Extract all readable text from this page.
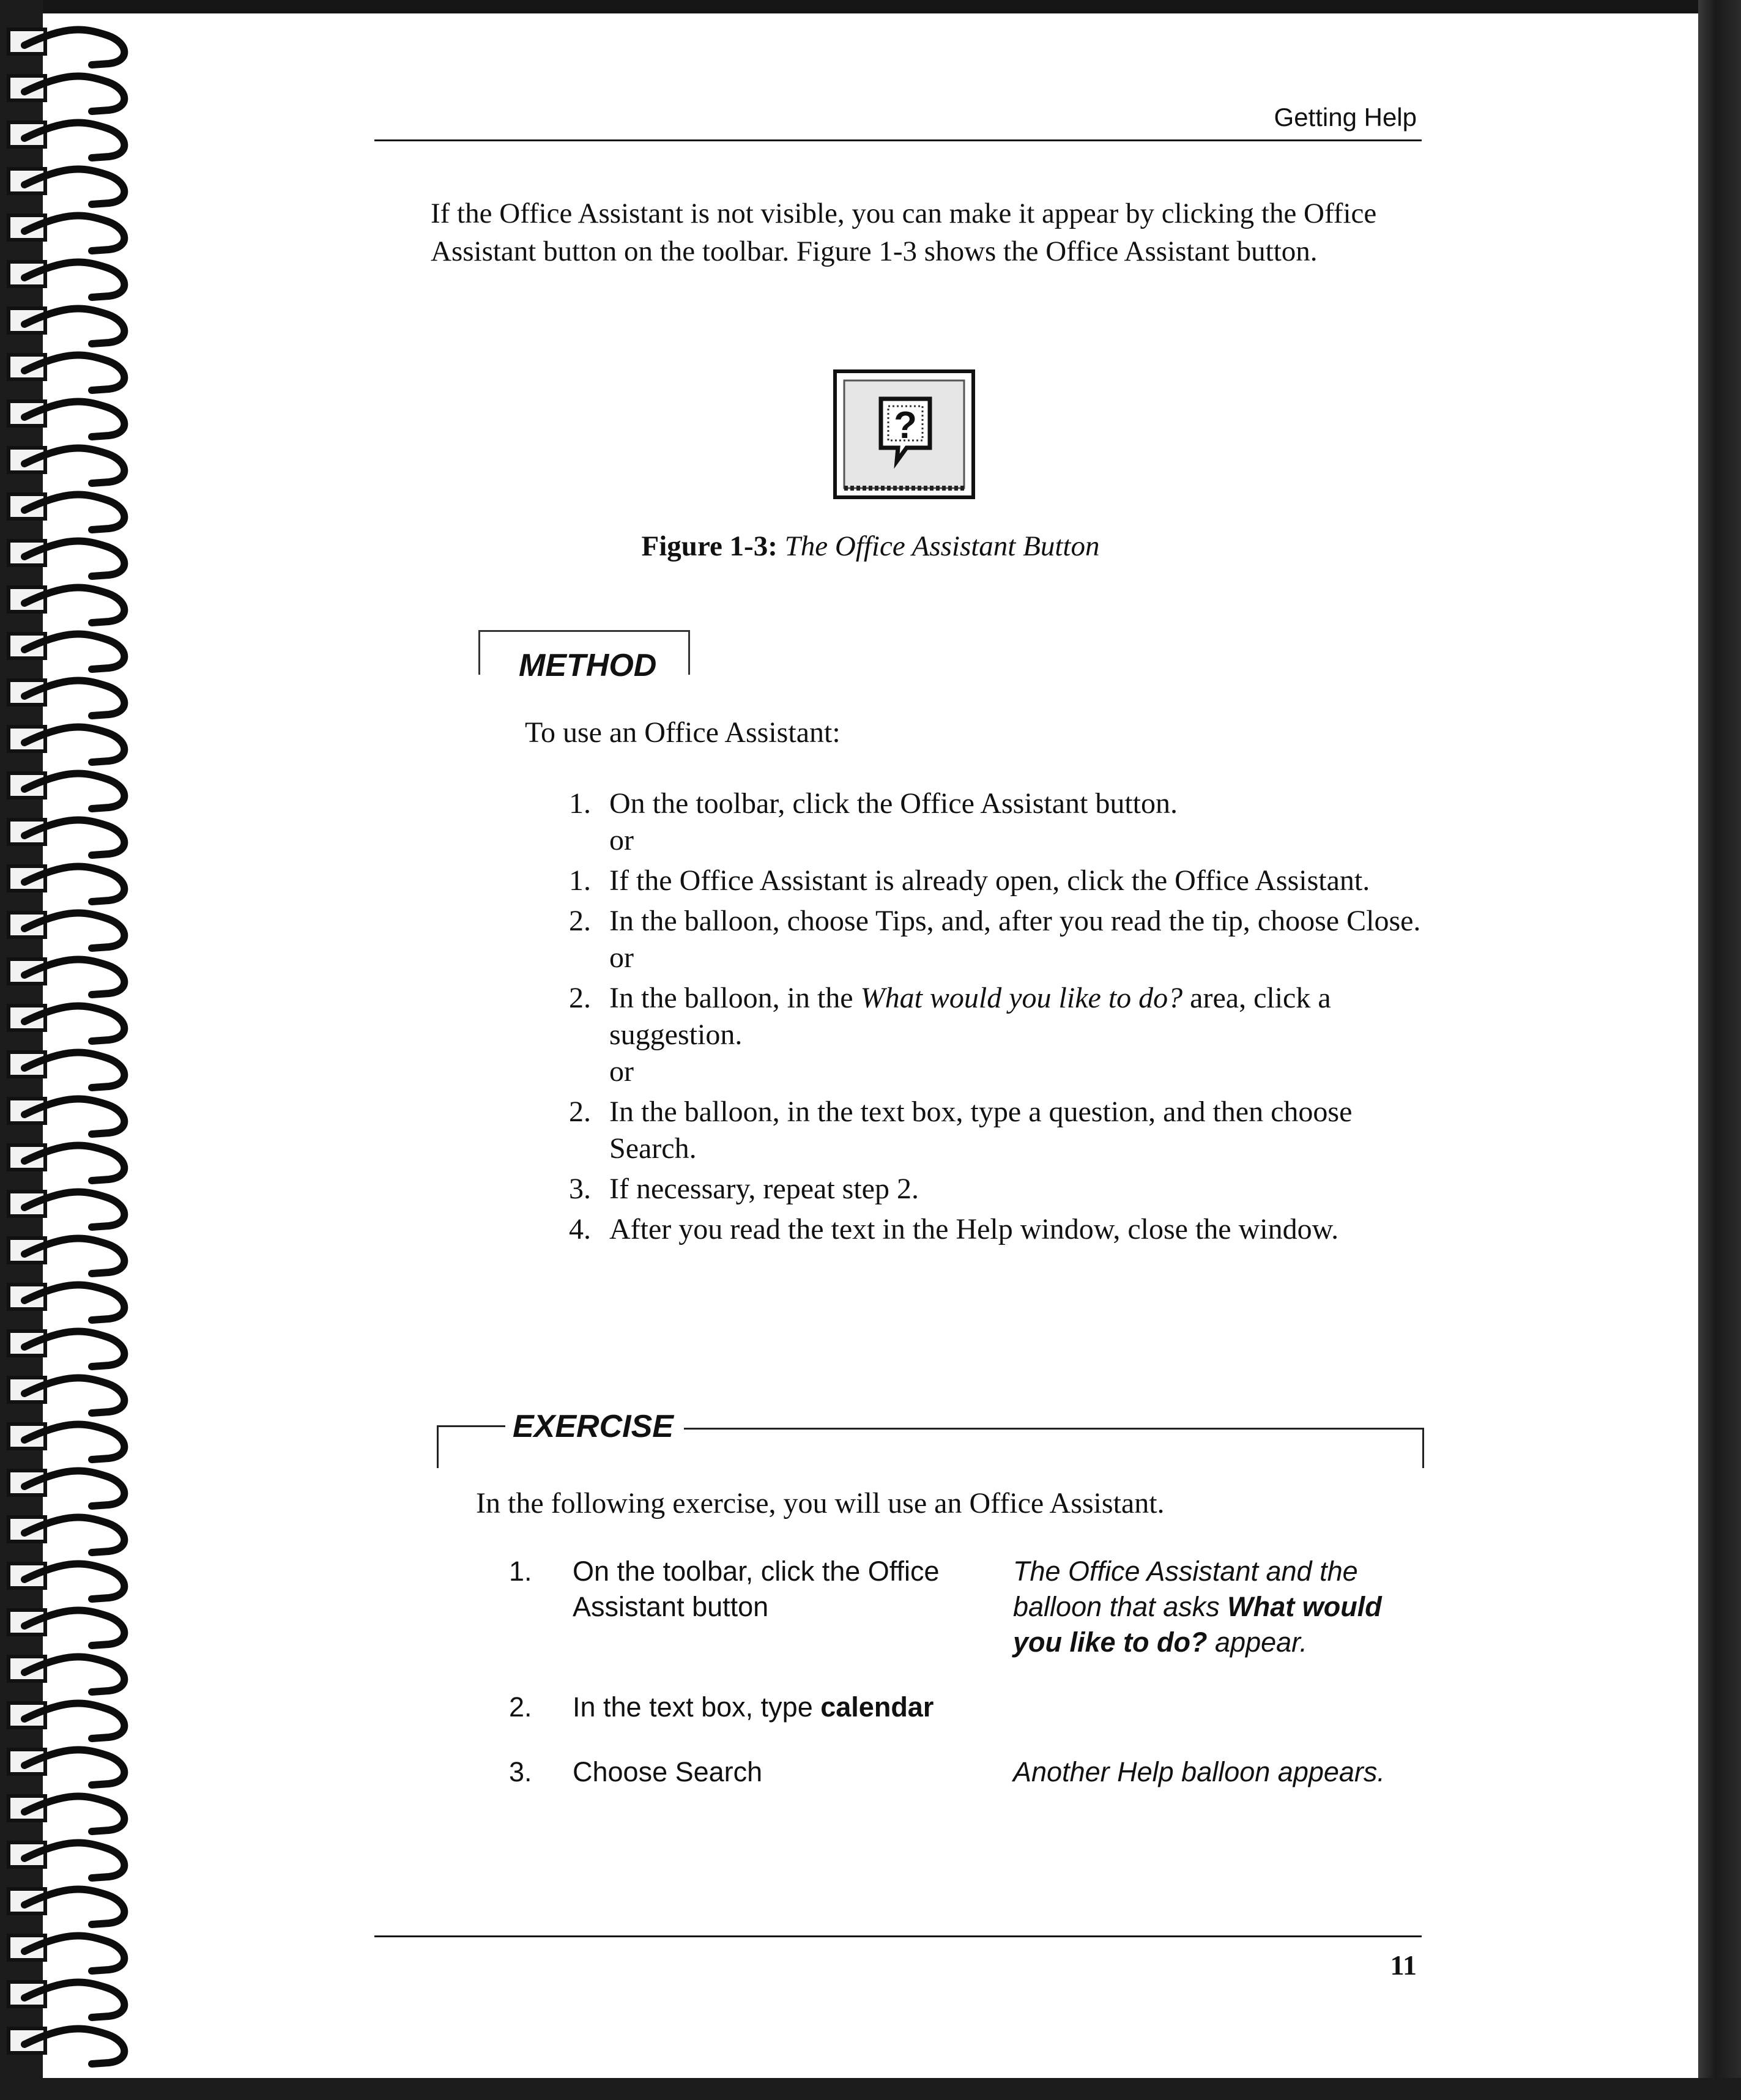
Getting Help

If the Office Assistant is not visible, you can make it appear by clicking the Office Assistant button on the toolbar. Figure 1-3 shows the Office Assistant button.

?
Figure 1-3: The Office Assistant Button
METHOD

To use an Office Assistant:

1. On the toolbar, click the Office Assistant button.
or
1. If the Office Assistant is already open, click the Office Assistant.
2. In the balloon, choose Tips, and, after you read the tip, choose Close.
or
2. In the balloon, in the What would you like to do? area, click a suggestion.
or
2. In the balloon, in the text box, type a question, and then choose Search.
3. If necessary, repeat step 2.
4. After you read the text in the Help window, close the window.
EXERCISE

In the following exercise, you will use an Office Assistant.

1. On the toolbar, click the Office Assistant button
The Office Assistant and the balloon that asks What would you like to do? appear.
2. In the text box, type calendar
3. Choose Search	Another Help balloon appears.
11
